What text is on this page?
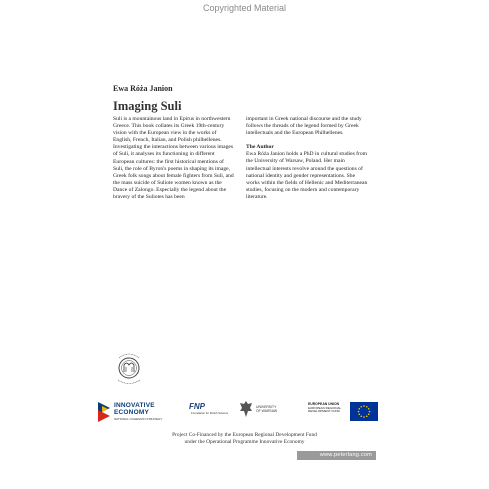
Copyrighted Material
Ewa Róża Janion
Imaging Suli

Suli is a mountainous land in Epirus in northwestern Greece. This book collates its Greek 19th-century vision with the European view in the works of English, French, Italian, and Polish philhellenes. Investigating the interactions between various images of Suli, it analyses its functioning in different European cultures: the first historical mentions of Suli, the role of Byron's poems in shaping its image, Greek folk songs about female fighters from Suli, and the mass suicide of Suliote women known as the Dance of Zalongo. Especially the legend about the bravery of the Suliotes has been

important in Greek national discourse and the study follows the threads of the legend formed by Greek intellectuals and the European Philhellenes.

The Author

Ewa Róża Janion holds a PhD in cultural studies from the University of Warsaw, Poland. Her main intellectual interests revolve around the questions of national identity and gender representations. She works within the fields of Hellenic and Mediterranean studies, focusing on the modern and contemporary literature.

INNOVATIVE
ECONOMY
NATIONAL COHESION STRATEGY
FNP
Foundation for Polish Science
UNIVERSITY
OF WARSAW
EUROPEAN UNION
EUROPEAN REGIONAL
DEVELOPMENT FUND
Project Co-Financed by the European Regional Development Fund
under the Operational Programme Innovative Economy
www.peterlang.com
